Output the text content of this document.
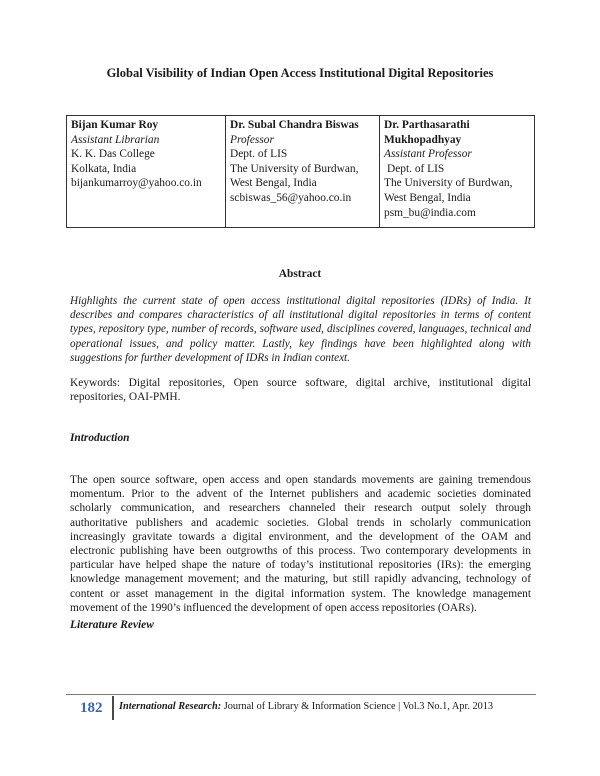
Global Visibility of Indian Open Access Institutional Digital Repositories
Bijan Kumar Roy
Assistant Librarian
K. K. Das College
Kolkata, India
bijankumarroy@yahoo.co.in
Dr. Subal Chandra Biswas
Professor
Dept. of LIS
The University of Burdwan,
West Bengal, India
scbiswas_56@yahoo.co.in
Dr. Parthasarathi
Mukhopadhyay
Assistant Professor
Dept. of LIS
The University of Burdwan,
West Bengal, India
psm_bu@india.com
Abstract
Highlights the current state of open access institutional digital repositories (IDRs) of India. It describes and compares characteristics of all institutional digital repositories in terms of content types, repository type, number of records, software used, disciplines covered, languages, technical and operational issues, and policy matter. Lastly, key findings have been highlighted along with suggestions for further development of IDRs in Indian context.
Keywords: Digital repositories, Open source software, digital archive, institutional digital repositories, OAI-PMH.
Introduction
The open source software, open access and open standards movements are gaining tremendous momentum. Prior to the advent of the Internet publishers and academic societies dominated scholarly communication, and researchers channeled their research output solely through authoritative publishers and academic societies. Global trends in scholarly communication increasingly gravitate towards a digital environment, and the development of the OAM and electronic publishing have been outgrowths of this process. Two contemporary developments in particular have helped shape the nature of today’s institutional repositories (IRs): the emerging knowledge management movement; and the maturing, but still rapidly advancing, technology of content or asset management in the digital information system. The knowledge management movement of the 1990’s influenced the development of open access repositories (OARs).
Literature Review
182 International Research: Journal of Library & Information Science | Vol.3 No.1, Apr. 2013
